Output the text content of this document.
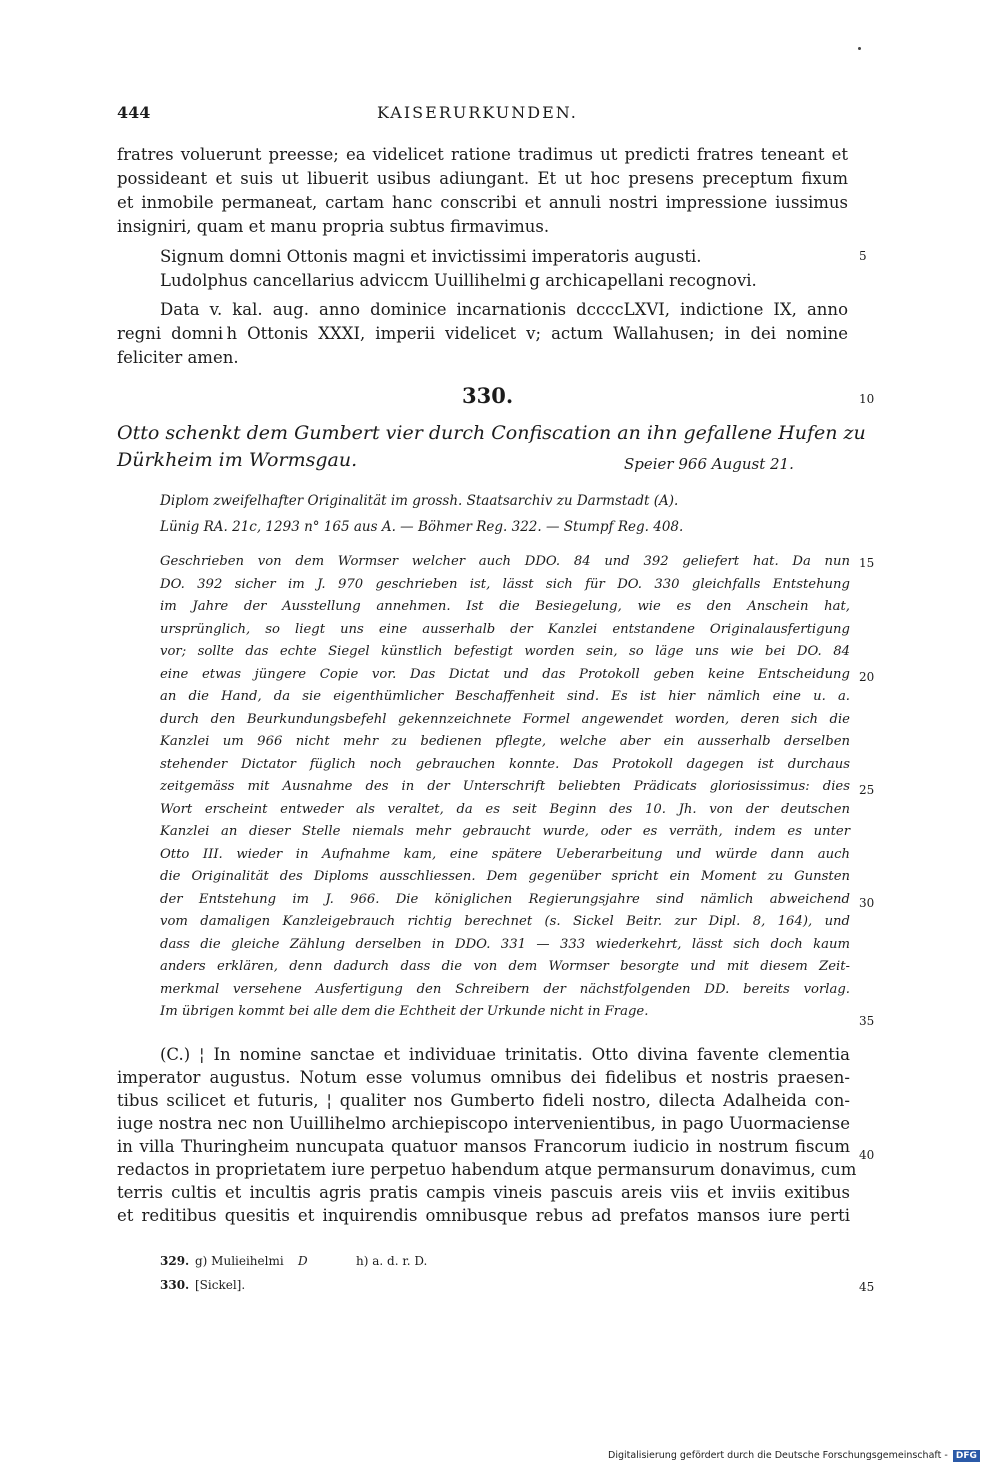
444	KAISERURKUNDEN.
fratres voluerunt preesse; ea videlicet ratione tradimus ut predicti fratres teneant et
possideant et suis ut libuerit usibus adiungant. Et ut hoc presens preceptum fixum
et inmobile permaneat, cartam hanc conscribi et annuli nostri impressione iussimus
insigniri, quam et manu propria subtus firmavimus.
Signum domni Ottonis magni et invictissimi imperatoris augusti.
Ludolphus cancellarius adviccm Uuillihelmi g archicapellani recognovi.
Data v. kal. aug. anno dominice incarnationis dccccLXVI, indictione IX, anno
regni domni h Ottonis XXXI, imperii videlicet v; actum Wallahusen; in dei nomine
feliciter amen.
330.
Otto schenkt dem Gumbert vier durch Confiscation an ihn gefallene Hufen zu
Dürkheim im Wormsgau.	Speier 966 August 21.
Diplom zweifelhafter Originalität im grossh. Staatsarchiv zu Darmstadt (A).
Lünig RA. 21c, 1293 n° 165 aus A. — Böhmer Reg. 322. — Stumpf Reg. 408.
Geschrieben von dem Wormser welcher auch DDO. 84 und 392 geliefert hat. Da nun
DO. 392 sicher im J. 970 geschrieben ist, lässt sich für DO. 330 gleichfalls Entstehung
im Jahre der Ausstellung annehmen. Ist die Besiegelung, wie es den Anschein hat,
ursprünglich, so liegt uns eine ausserhalb der Kanzlei entstandene Originalausfertigung
vor; sollte das echte Siegel künstlich befestigt worden sein, so läge uns wie bei DO. 84
eine etwas jüngere Copie vor. Das Dictat und das Protokoll geben keine Entscheidung
an die Hand, da sie eigenthümlicher Beschaffenheit sind. Es ist hier nämlich eine u. a.
durch den Beurkundungsbefehl gekennzeichnete Formel angewendet worden, deren sich die
Kanzlei um 966 nicht mehr zu bedienen pflegte, welche aber ein ausserhalb derselben
stehender Dictator füglich noch gebrauchen konnte. Das Protokoll dagegen ist durchaus
zeitgemäss mit Ausnahme des in der Unterschrift beliebten Prädicats gloriosissimus: dies
Wort erscheint entweder als veraltet, da es seit Beginn des 10. Jh. von der deutschen
Kanzlei an dieser Stelle niemals mehr gebraucht wurde, oder es verräth, indem es unter
Otto III. wieder in Aufnahme kam, eine spätere Ueberarbeitung und würde dann auch
die Originalität des Diploms ausschliessen. Dem gegenüber spricht ein Moment zu Gunsten
der Entstehung im J. 966. Die königlichen Regierungsjahre sind nämlich abweichend
vom damaligen Kanzleigebrauch richtig berechnet (s. Sickel Beitr. zur Dipl. 8, 164), und
dass die gleiche Zählung derselben in DDO. 331 — 333 wiederkehrt, lässt sich doch kaum
anders erklären, denn dadurch dass die von dem Wormser besorgte und mit diesem Zeit-
merkmal versehene Ausfertigung den Schreibern der nächstfolgenden DD. bereits vorlag.
Im übrigen kommt bei alle dem die Echtheit der Urkunde nicht in Frage.
(C.) ¦ In nomine sanctae et individuae trinitatis. Otto divina favente clementia
imperator augustus. Notum esse volumus omnibus dei fidelibus et nostris praesen-
tibus scilicet et futuris, ¦ qualiter nos Gumberto fideli nostro, dilecta Adalheida con-
iuge nostra nec non Uuillihelmo archiepiscopo intervenientibus, in pago Uuormaciense
in villa Thuringheim nuncupata quatuor mansos Francorum iudicio in nostrum fiscum
redactos in proprietatem iure perpetuo habendum atque permansurum donavimus, cum
terris cultis et incultis agris pratis campis vineis pascuis areis viis et inviis exitibus
et reditibus quesitis et inquirendis omnibusque rebus ad prefatos mansos iure perti
329. g) Mulieihelmi D	h) a. d. r. D.
330. [Sickel].
5
10
15
20
25
30
35
40
45
Digitalisierung gefördert durch die Deutsche Forschungsgemeinschaft - DFG
